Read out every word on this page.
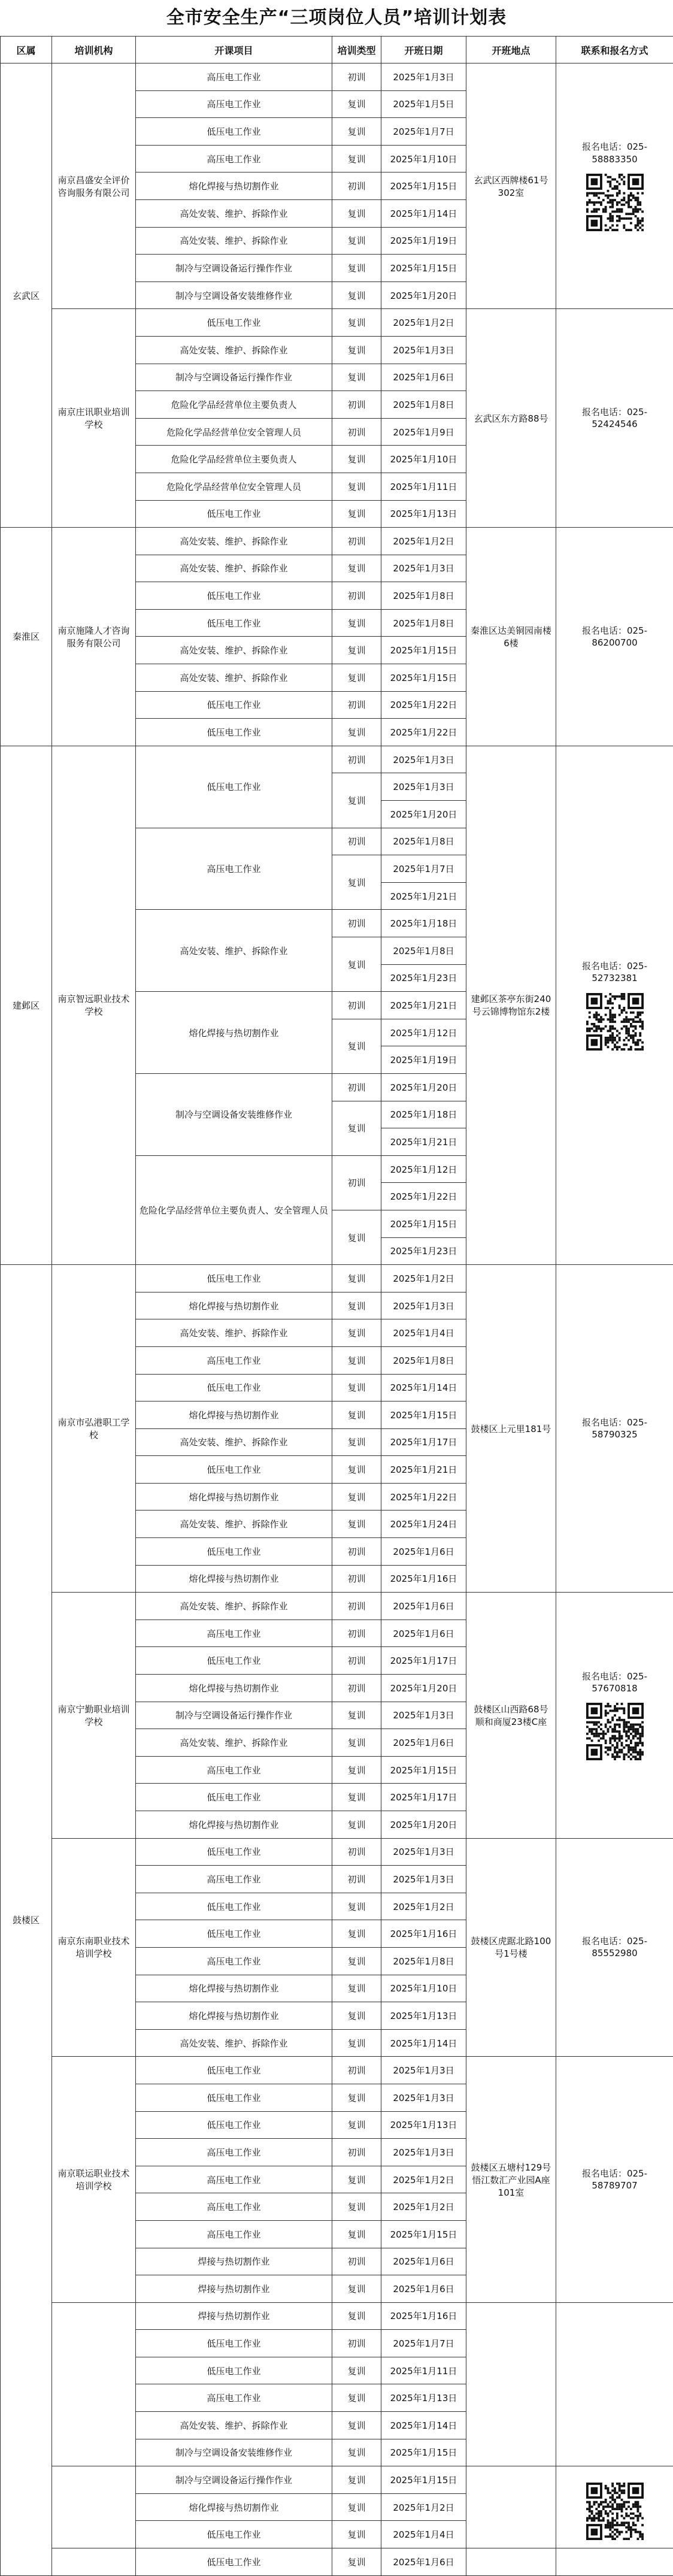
全市安全生产“三项岗位人员”培训计划表
区属	培训机构	开课项目	培训类型	开班日期	开班地点	联系和报名方式
玄武区	南京昌盛安全评价咨询服务有限公司	高压电工作业	初训	2025年1月3日	玄武区西牌楼61号302室	报名电话：025-58883350

		高压电工作业	复训	2025年1月5日		
		低压电工作业	复训	2025年1月7日		
		高压电工作业	复训	2025年1月10日		
		熔化焊接与热切割作业	初训	2025年1月15日		
		高处安装、维护、拆除作业	复训	2025年1月14日		
		高处安装、维护、拆除作业	复训	2025年1月19日		
		制冷与空调设备运行操作作业	复训	2025年1月15日		
		制冷与空调设备安装维修作业	复训	2025年1月20日		
	南京庄讯职业培训学校	低压电工作业	复训	2025年1月2日	玄武区东方路88号	报名电话：025-52424546
		高处安装、维护、拆除作业	复训	2025年1月3日		
		制冷与空调设备运行操作作业	复训	2025年1月6日		
		危险化学品经营单位主要负责人	初训	2025年1月8日		
		危险化学品经营单位安全管理人员	初训	2025年1月9日		
		危险化学品经营单位主要负责人	复训	2025年1月10日		
		危险化学品经营单位安全管理人员	复训	2025年1月11日		
		低压电工作业	复训	2025年1月13日		
秦淮区	南京施隆人才咨询服务有限公司	高处安装、维护、拆除作业	初训	2025年1月2日	秦淮区达美铜园南楼6楼	报名电话：025-86200700
		高处安装、维护、拆除作业	复训	2025年1月3日		
		低压电工作业	初训	2025年1月8日		
		低压电工作业	复训	2025年1月8日		
		高处安装、维护、拆除作业	复训	2025年1月15日		
		高处安装、维护、拆除作业	复训	2025年1月15日		
		低压电工作业	初训	2025年1月22日		
		低压电工作业	复训	2025年1月22日		
建邺区	南京智远职业技术学校	低压电工作业	初训	2025年1月3日	建邺区茶亭东街240号云锦博物馆东2楼	报名电话：025-52732381

			复训	2025年1月3日		
				2025年1月20日		
		高压电工作业	初训	2025年1月8日		
			复训	2025年1月7日		
				2025年1月21日		
		高处安装、维护、拆除作业	初训	2025年1月18日		
			复训	2025年1月8日		
				2025年1月23日		
		熔化焊接与热切割作业	初训	2025年1月21日		
			复训	2025年1月12日		
				2025年1月19日		
		制冷与空调设备安装维修作业	初训	2025年1月20日		
			复训	2025年1月18日		
				2025年1月21日		
		危险化学品经营单位主要负责人、安全管理人员	初训	2025年1月12日		
				2025年1月22日		
			复训	2025年1月15日		
				2025年1月23日		
鼓楼区	南京市弘港职工学校	低压电工作业	复训	2025年1月2日	鼓楼区上元里181号	报名电话：025-58790325
		熔化焊接与热切割作业	复训	2025年1月3日		
		高处安装、维护、拆除作业	复训	2025年1月4日		
		高压电工作业	复训	2025年1月8日		
		低压电工作业	复训	2025年1月14日		
		熔化焊接与热切割作业	复训	2025年1月15日		
		高处安装、维护、拆除作业	复训	2025年1月17日		
		低压电工作业	复训	2025年1月21日		
		熔化焊接与热切割作业	复训	2025年1月22日		
		高处安装、维护、拆除作业	复训	2025年1月24日		
		低压电工作业	初训	2025年1月6日		
		熔化焊接与热切割作业	初训	2025年1月16日		
	南京宁勤职业培训学校	高处安装、维护、拆除作业	初训	2025年1月6日	鼓楼区山西路68号顺和商厦23楼C座	报名电话：025-57670818

		高压电工作业	初训	2025年1月6日		
		低压电工作业	初训	2025年1月17日		
		熔化焊接与热切割作业	初训	2025年1月20日		
		制冷与空调设备运行操作作业	复训	2025年1月3日		
		高处安装、维护、拆除作业	复训	2025年1月6日		
		高压电工作业	复训	2025年1月15日		
		低压电工作业	复训	2025年1月17日		
		熔化焊接与热切割作业	复训	2025年1月20日		
	南京东南职业技术培训学校	低压电工作业	初训	2025年1月3日	鼓楼区虎踞北路100号1号楼	报名电话：025-85552980
		高压电工作业	初训	2025年1月3日		
		低压电工作业	复训	2025年1月2日		
		低压电工作业	复训	2025年1月16日		
		高压电工作业	复训	2025年1月8日		
		熔化焊接与热切割作业	复训	2025年1月10日		
		熔化焊接与热切割作业	复训	2025年1月13日		
		高处安装、维护、拆除作业	复训	2025年1月14日		
	南京联运职业技术培训学校	低压电工作业	初训	2025年1月3日	鼓楼区五塘村129号悟江数汇产业园A座101室	报名电话：025-58789707
		低压电工作业	复训	2025年1月3日		
		低压电工作业	复训	2025年1月13日		
		高压电工作业	初训	2025年1月3日		
		高压电工作业	复训	2025年1月2日		
		高压电工作业	复训	2025年1月2日		
		高压电工作业	复训	2025年1月15日		
		焊接与热切割作业	初训	2025年1月6日		
		焊接与热切割作业	复训	2025年1月6日		
		焊接与热切割作业	复训	2025年1月16日		
		低压电工作业	初训	2025年1月7日		
		低压电工作业	复训	2025年1月11日		
		高压电工作业	复训	2025年1月13日		
		高处安装、维护、拆除作业	复训	2025年1月14日		
		制冷与空调设备安装维修作业	复训	2025年1月15日		
		制冷与空调设备运行操作作业	复训	2025年1月15日		

		熔化焊接与热切割作业	复训	2025年1月2日		
		低压电工作业	复训	2025年1月4日		
		低压电工作业	复训	2025年1月6日		
